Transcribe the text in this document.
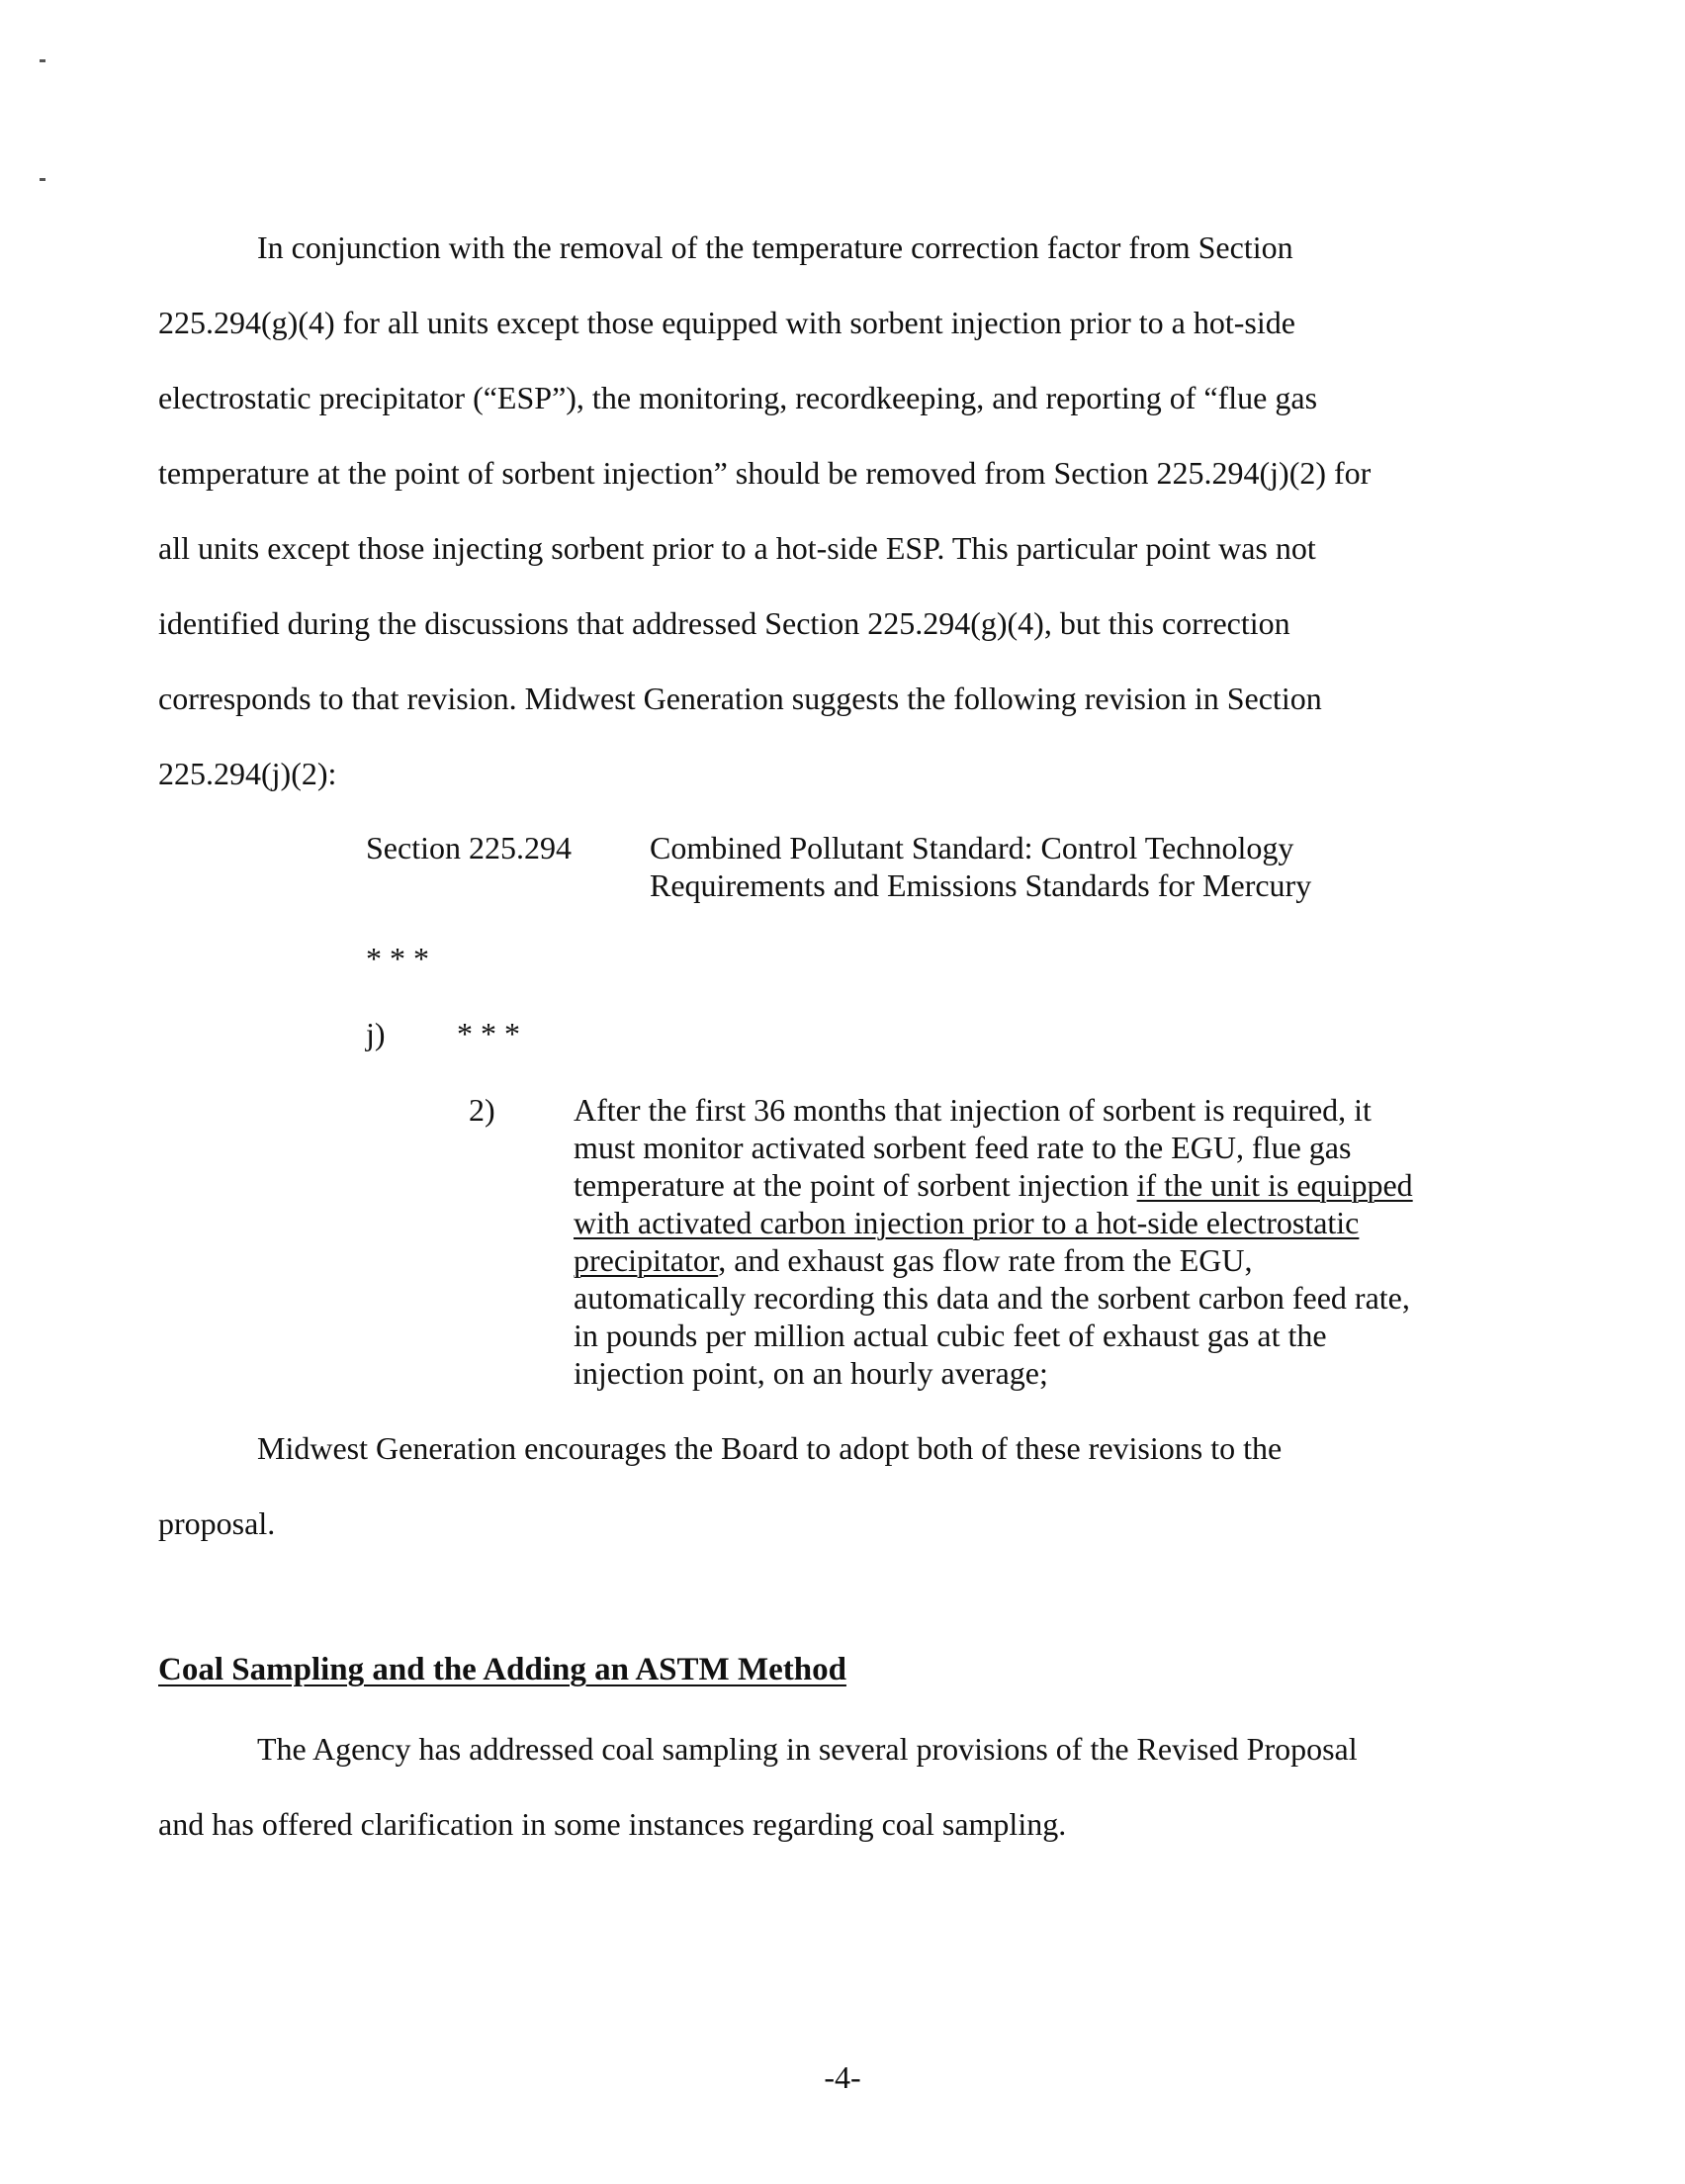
In conjunction with the removal of the temperature correction factor from Section
225.294(g)(4) for all units except those equipped with sorbent injection prior to a hot-side
electrostatic precipitator (“ESP”), the monitoring, recordkeeping, and reporting of “flue gas
temperature at the point of sorbent injection” should be removed from Section 225.294(j)(2) for
all units except those injecting sorbent prior to a hot-side ESP. This particular point was not
identified during the discussions that addressed Section 225.294(g)(4), but this correction
corresponds to that revision. Midwest Generation suggests the following revision in Section
225.294(j)(2):
Section 225.294 Combined Pollutant Standard: Control Technology
Requirements and Emissions Standards for Mercury
* * *
j) * * *
2) After the first 36 months that injection of sorbent is required, it
must monitor activated sorbent feed rate to the EGU, flue gas
temperature at the point of sorbent injection if the unit is equipped
with activated carbon injection prior to a hot-side electrostatic
precipitator, and exhaust gas flow rate from the EGU,
automatically recording this data and the sorbent carbon feed rate,
in pounds per million actual cubic feet of exhaust gas at the
injection point, on an hourly average;
Midwest Generation encourages the Board to adopt both of these revisions to the
proposal.
Coal Sampling and the Adding an ASTM Method
The Agency has addressed coal sampling in several provisions of the Revised Proposal
and has offered clarification in some instances regarding coal sampling.
-4-
